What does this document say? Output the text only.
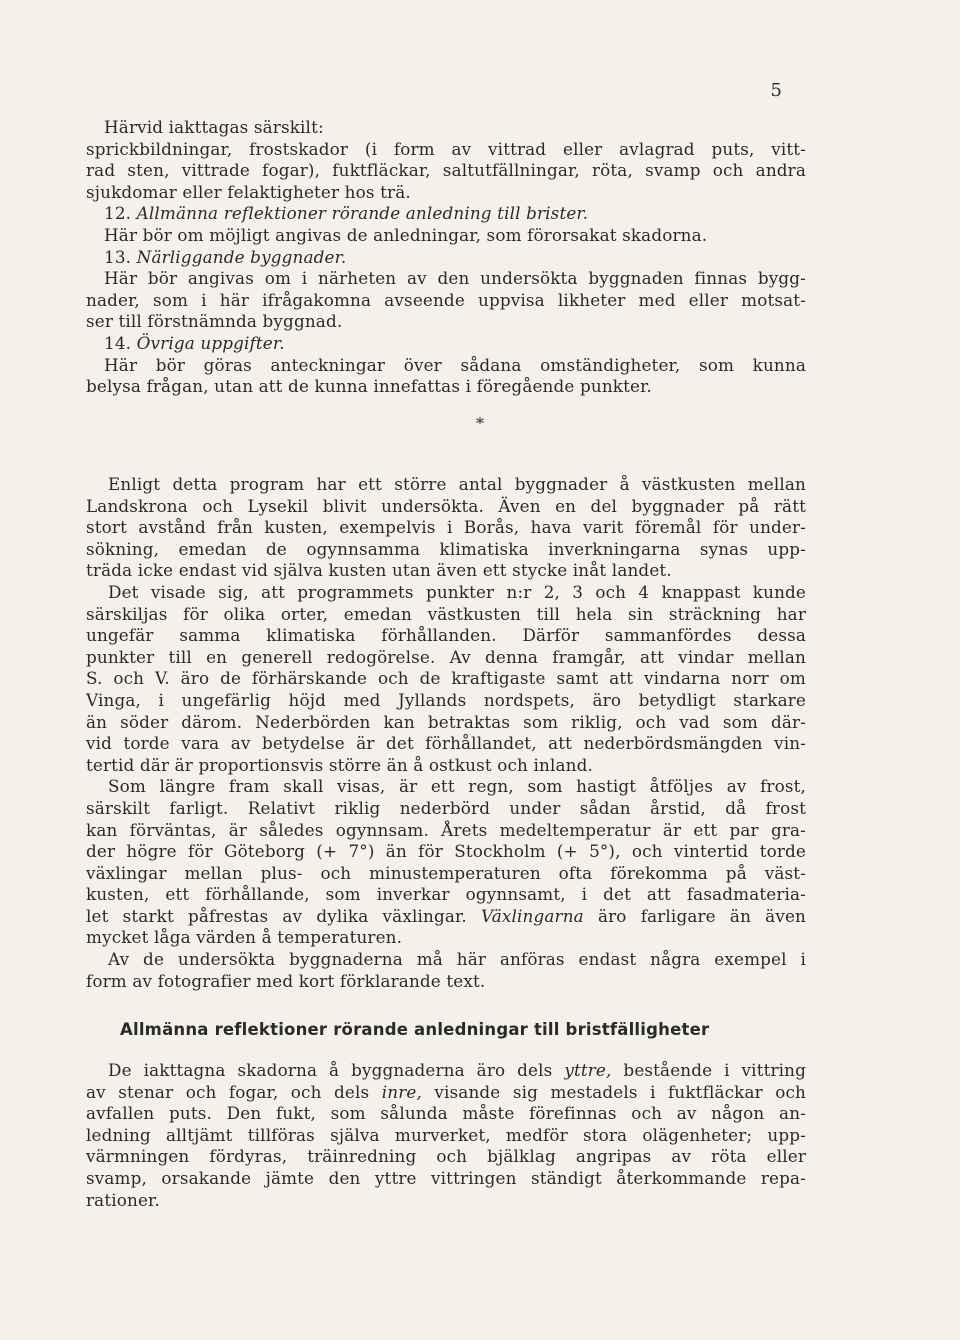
5
Härvid iakttagas särskilt:
sprickbildningar, frostskador (i form av vittrad eller avlagrad puts, vitt-
rad sten, vittrade fogar), fuktfläckar, saltutfällningar, röta, svamp och andra
sjukdomar eller felaktigheter hos trä.
12. Allmänna reflektioner rörande anledning till brister.
Här bör om möjligt angivas de anledningar, som förorsakat skadorna.
13. Närliggande byggnader.
Här bör angivas om i närheten av den undersökta byggnaden finnas bygg-
nader, som i här ifrågakomna avseende uppvisa likheter med eller motsat-
ser till förstnämnda byggnad.
14. Övriga uppgifter.
Här bör göras anteckningar över sådana omständigheter, som kunna
belysa frågan, utan att de kunna innefattas i föregående punkter.
*
Enligt detta program har ett större antal byggnader å västkusten mellan
Landskrona och Lysekil blivit undersökta. Även en del byggnader på rätt
stort avstånd från kusten, exempelvis i Borås, hava varit föremål för under-
sökning, emedan de ogynnsamma klimatiska inverkningarna synas upp-
träda icke endast vid själva kusten utan även ett stycke inåt landet.
Det visade sig, att programmets punkter n:r 2, 3 och 4 knappast kunde
särskiljas för olika orter, emedan västkusten till hela sin sträckning har
ungefär samma klimatiska förhållanden. Därför sammanfördes dessa
punkter till en generell redogörelse. Av denna framgår, att vindar mellan
S. och V. äro de förhärskande och de kraftigaste samt att vindarna norr om
Vinga, i ungefärlig höjd med Jyllands nordspets, äro betydligt starkare
än söder därom. Nederbörden kan betraktas som riklig, och vad som där-
vid torde vara av betydelse är det förhållandet, att nederbördsmängden vin-
tertid där är proportionsvis större än å ostkust och inland.
Som längre fram skall visas, är ett regn, som hastigt åtföljes av frost,
särskilt farligt. Relativt riklig nederbörd under sådan årstid, då frost
kan förväntas, är således ogynnsam. Årets medeltemperatur är ett par gra-
der högre för Göteborg (+ 7°) än för Stockholm (+ 5°), och vintertid torde
växlingar mellan plus- och minustemperaturen ofta förekomma på väst-
kusten, ett förhållande, som inverkar ogynnsamt, i det att fasadmateria-
let starkt påfrestas av dylika växlingar. Växlingarna äro farligare än även
mycket låga värden å temperaturen.
Av de undersökta byggnaderna må här anföras endast några exempel i
form av fotografier med kort förklarande text.
Allmänna reflektioner rörande anledningar till bristfälligheter
De iakttagna skadorna å byggnaderna äro dels yttre, bestående i vittring
av stenar och fogar, och dels inre, visande sig mestadels i fuktfläckar och
avfallen puts. Den fukt, som sålunda måste förefinnas och av någon an-
ledning alltjämt tillföras själva murverket, medför stora olägenheter; upp-
värmningen fördyras, träinredning och bjälklag angripas av röta eller
svamp, orsakande jämte den yttre vittringen ständigt återkommande repa-
rationer.
